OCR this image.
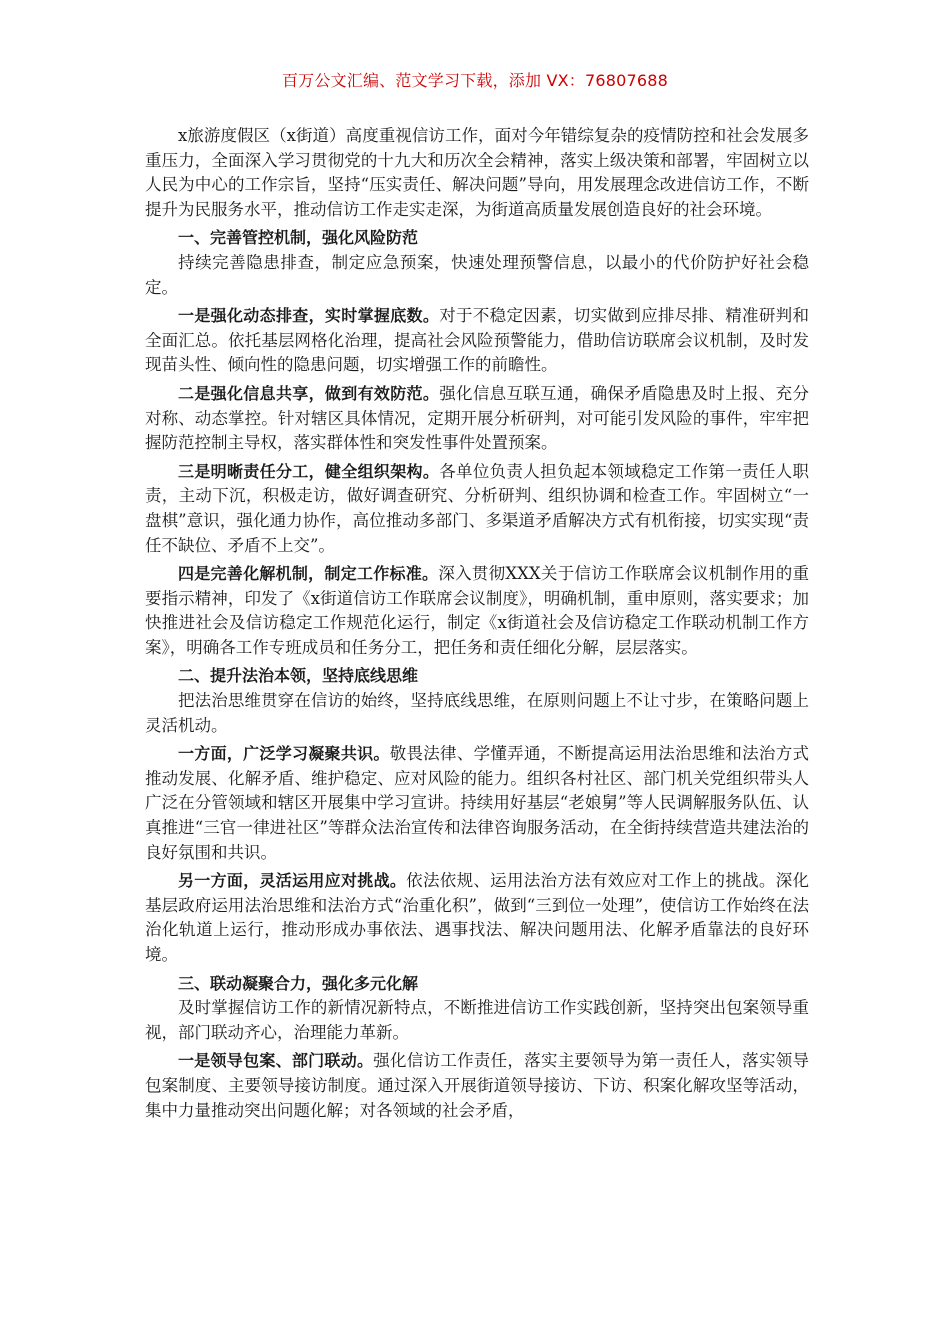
百万公文汇编、范文学习下载，添加 VX：76807688

x旅游度假区（x街道）高度重视信访工作，面对今年错综复杂的疫情防控和社会发展多重压力，全面深入学习贯彻党的十九大和历次全会精神，落实上级决策和部署，牢固树立以人民为中心的工作宗旨，坚持“压实责任、解决问题”导向，用发展理念改进信访工作，不断提升为民服务水平，推动信访工作走实走深，为街道高质量发展创造良好的社会环境。

一、完善管控机制，强化风险防范

持续完善隐患排查，制定应急预案，快速处理预警信息，以最小的代价防护好社会稳定。

一是强化动态排查，实时掌握底数。对于不稳定因素，切实做到应排尽排、精准研判和全面汇总。依托基层网格化治理，提高社会风险预警能力，借助信访联席会议机制，及时发现苗头性、倾向性的隐患问题，切实增强工作的前瞻性。

二是强化信息共享，做到有效防范。强化信息互联互通，确保矛盾隐患及时上报、充分对称、动态掌控。针对辖区具体情况，定期开展分析研判，对可能引发风险的事件，牢牢把握防范控制主导权，落实群体性和突发性事件处置预案。

三是明晰责任分工，健全组织架构。各单位负责人担负起本领域稳定工作第一责任人职责，主动下沉，积极走访，做好调查研究、分析研判、组织协调和检查工作。牢固树立“一盘棋”意识，强化通力协作，高位推动多部门、多渠道矛盾解决方式有机衔接，切实实现“责任不缺位、矛盾不上交”。

四是完善化解机制，制定工作标准。深入贯彻XXX关于信访工作联席会议机制作用的重要指示精神，印发了《x街道信访工作联席会议制度》，明确机制，重申原则，落实要求；加快推进社会及信访稳定工作规范化运行，制定《x街道社会及信访稳定工作联动机制工作方案》，明确各工作专班成员和任务分工，把任务和责任细化分解，层层落实。

二、提升法治本领，坚持底线思维

把法治思维贯穿在信访的始终，坚持底线思维，在原则问题上不让寸步，在策略问题上灵活机动。

一方面，广泛学习凝聚共识。敬畏法律、学懂弄通，不断提高运用法治思维和法治方式推动发展、化解矛盾、维护稳定、应对风险的能力。组织各村社区、部门机关党组织带头人广泛在分管领域和辖区开展集中学习宣讲。持续用好基层“老娘舅”等人民调解服务队伍、认真推进“三官一律进社区”等群众法治宣传和法律咨询服务活动，在全街持续营造共建法治的良好氛围和共识。

另一方面，灵活运用应对挑战。依法依规、运用法治方法有效应对工作上的挑战。深化基层政府运用法治思维和法治方式“治重化积”，做到“三到位一处理”，使信访工作始终在法治化轨道上运行，推动形成办事依法、遇事找法、解决问题用法、化解矛盾靠法的良好环境。

三、联动凝聚合力，强化多元化解

及时掌握信访工作的新情况新特点，不断推进信访工作实践创新，坚持突出包案领导重视，部门联动齐心，治理能力革新。

一是领导包案、部门联动。强化信访工作责任，落实主要领导为第一责任人，落实领导包案制度、主要领导接访制度。通过深入开展街道领导接访、下访、积案化解攻坚等活动，集中力量推动突出问题化解；对各领域的社会矛盾，
